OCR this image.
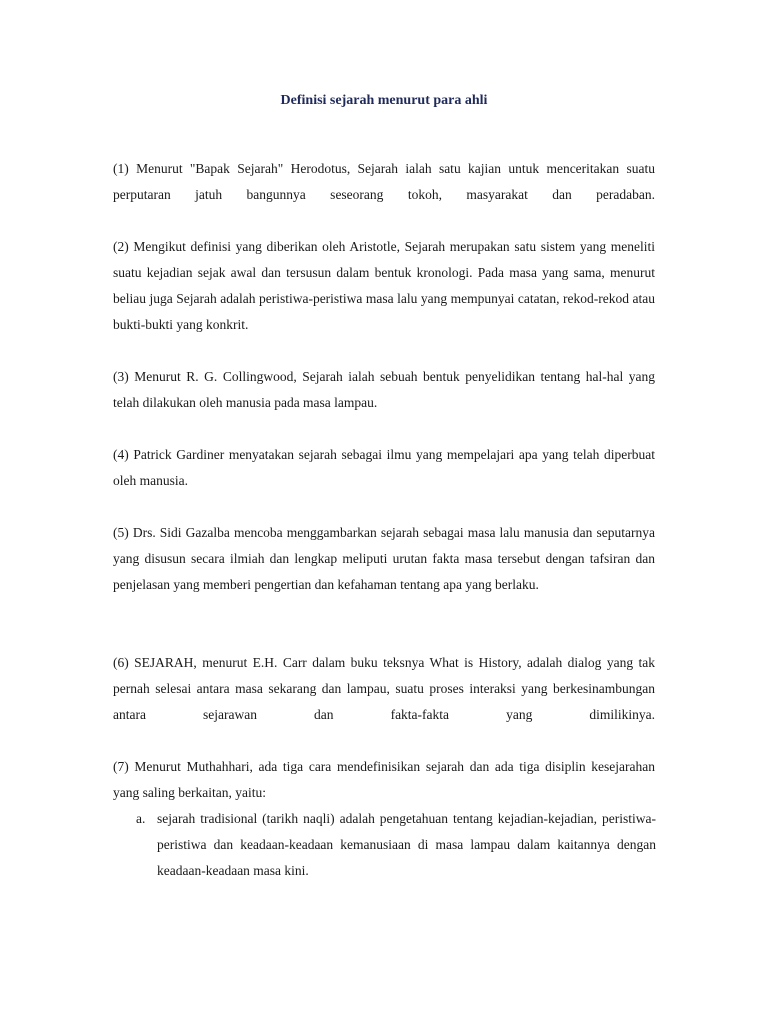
Definisi sejarah menurut para ahli

(1) Menurut "Bapak Sejarah" Herodotus, Sejarah ialah satu kajian untuk menceritakan suatu perputaran jatuh bangunnya seseorang tokoh, masyarakat dan peradaban.

(2) Mengikut definisi yang diberikan oleh Aristotle, Sejarah merupakan satu sistem yang meneliti suatu kejadian sejak awal dan tersusun dalam bentuk kronologi. Pada masa yang sama, menurut beliau juga Sejarah adalah peristiwa-peristiwa masa lalu yang mempunyai catatan, rekod-rekod atau bukti-bukti yang konkrit.

(3) Menurut R. G. Collingwood, Sejarah ialah sebuah bentuk penyelidikan tentang hal-hal yang telah dilakukan oleh manusia pada masa lampau.

(4) Patrick Gardiner menyatakan sejarah sebagai ilmu yang mempelajari apa yang telah diperbuat oleh manusia.

(5) Drs. Sidi Gazalba mencoba menggambarkan sejarah sebagai masa lalu manusia dan seputarnya yang disusun secara ilmiah dan lengkap meliputi urutan fakta masa tersebut dengan tafsiran dan penjelasan yang memberi pengertian dan kefahaman tentang apa yang berlaku.

(6) SEJARAH, menurut E.H. Carr dalam buku teksnya What is History, adalah dialog yang tak pernah selesai antara masa sekarang dan lampau, suatu proses interaksi yang berkesinambungan antara sejarawan dan fakta-fakta yang dimilikinya.

(7) Menurut Muthahhari, ada tiga cara mendefinisikan sejarah dan ada tiga disiplin kesejarahan yang saling berkaitan, yaitu:

a. sejarah tradisional (tarikh naqli) adalah pengetahuan tentang kejadian-kejadian, peristiwa-peristiwa dan keadaan-keadaan kemanusiaan di masa lampau dalam kaitannya dengan keadaan-keadaan masa kini.
